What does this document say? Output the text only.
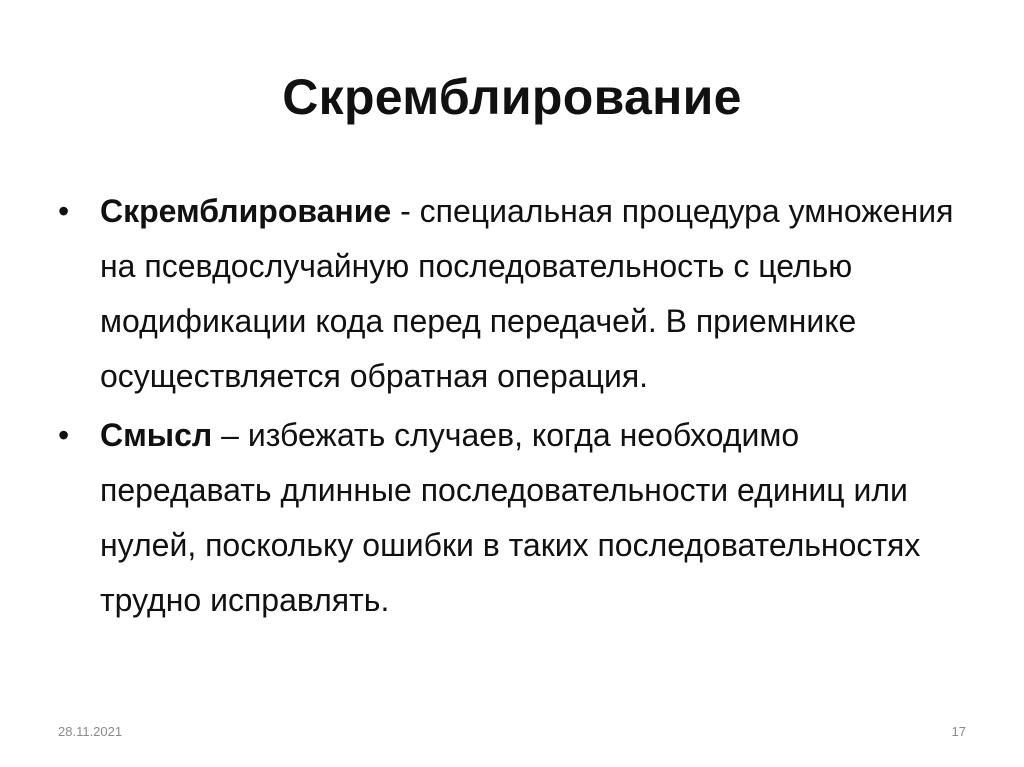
Скремблирование
• Скремблирование - специальная процедура умножения на псевдослучайную последовательность с целью модификации кода перед передачей. В приемнике осуществляется обратная операция.
• Смысл – избежать случаев, когда необходимо передавать длинные последовательности единиц или нулей, поскольку ошибки в таких последовательностях трудно исправлять.
28.11.2021	17
